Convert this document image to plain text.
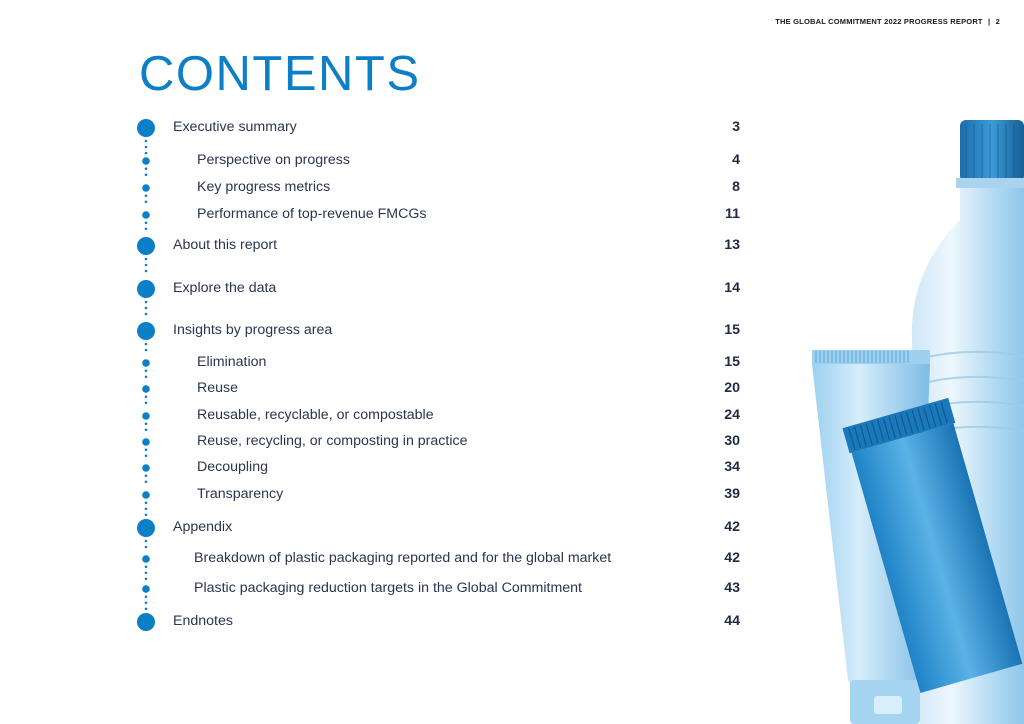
THE GLOBAL COMMITMENT 2022 PROGRESS REPORT | 2
CONTENTS
Executive summary	3
Perspective on progress	4
Key progress metrics	8
Performance of top-revenue FMCGs	11
About this report	13
Explore the data	14
Insights by progress area	15
Elimination	15
Reuse	20
Reusable, recyclable, or compostable	24
Reuse, recycling, or composting in practice	30
Decoupling	34
Transparency	39
Appendix	42
Breakdown of plastic packaging reported and for the global market	42
Plastic packaging reduction targets in the Global Commitment	43
Endnotes	44
